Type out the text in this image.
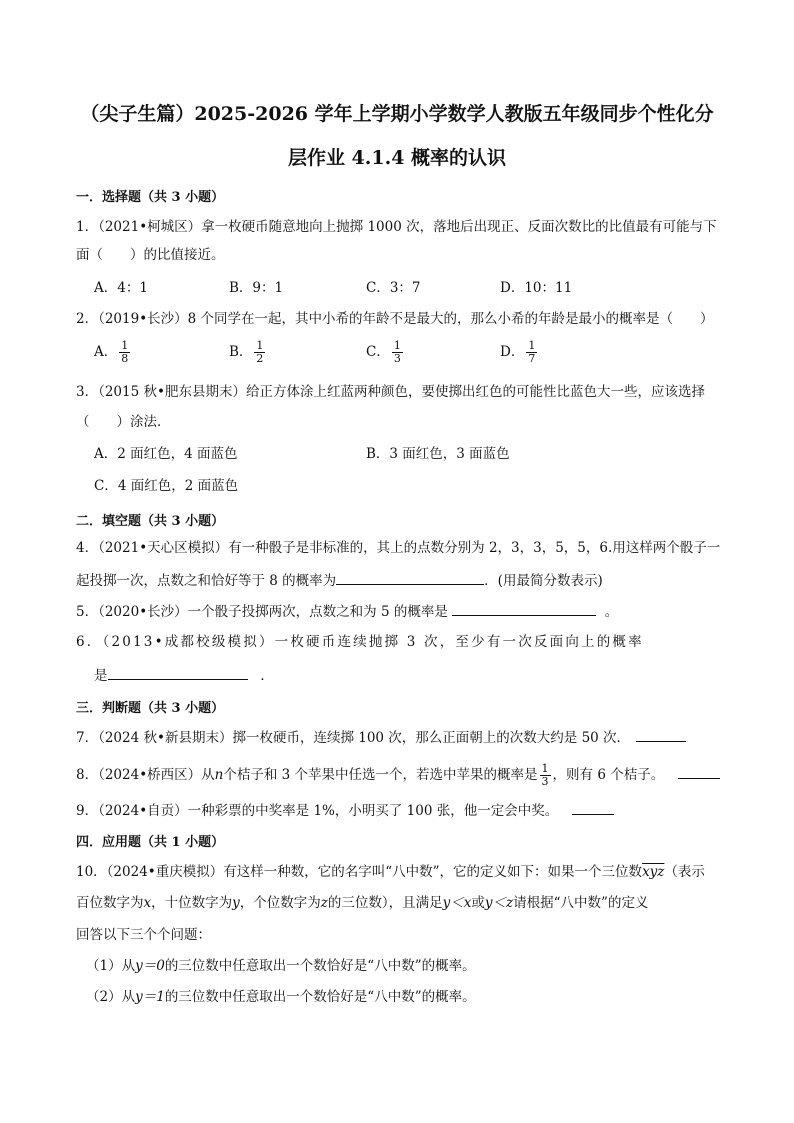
（尖子生篇）2025-2026 学年上学期小学数学人教版五年级同步个性化分
层作业 4.1.4 概率的认识
一．选择题（共 3 小题）
1．（2021•柯城区）拿一枚硬币随意地向上抛掷 1000 次，落地后出现正、反面次数比的比值最有可能与下
面（　　）的比值接近。
A．4：1	B．9：1	C．3：7	D．10：11
2．（2019•长沙）8 个同学在一起，其中小希的年龄不是最大的，那么小希的年龄是最小的概率是（　　）
A． $\frac{1}{8}$	B． $\frac{1}{2}$	C． $\frac{1}{3}$	D． $\frac{1}{7}$
3．（2015 秋•肥东县期末）给正方体涂上红蓝两种颜色，要使掷出红色的可能性比蓝色大一些，应该选择
（　　）涂法．
A．2 面红色，4 面蓝色	B．3 面红色，3 面蓝色
C．4 面红色，2 面蓝色
二．填空题（共 3 小题）
4．（2021•天心区模拟）有一种骰子是非标准的，其上的点数分别为 2，3，3，5，5，6.用这样两个骰子一
起投掷一次，点数之和恰好等于 8 的概率为	．(用最简分数表示)
5．（2020•长沙）一个骰子投掷两次，点数之和为 5 的概率是	。
6．（2013•成都校级模拟）一枚硬币连续抛掷 3 次，至少有一次反面向上的概率
是	．
三．判断题（共 3 小题）
7．（2024 秋•新县期末）掷一枚硬币，连续掷 100 次，那么正面朝上的次数大约是 50 次．
8．（2024•桥西区）从n个桔子和 3 个苹果中任选一个，若选中苹果的概率是 $\frac{1}{3}$ ，则有 6 个桔子。
9．（2024•自贡）一种彩票的中奖率是 1%，小明买了 100 张，他一定会中奖。
四．应用题（共 1 小题）
10．（2024•重庆模拟）有这样一种数，它的名字叫“八中数”，它的定义如下：如果一个三位数$\overline{xyz}$（表示
百位数字为x，十位数字为y，个位数字为z的三位数），且满足y＜x或y＜z请根据“八中数”的定义
回答以下三个个问题：
（1）从y＝0的三位数中任意取出一个数恰好是“八中数”的概率。
（2）从y＝1的三位数中任意取出一个数恰好是“八中数”的概率。
